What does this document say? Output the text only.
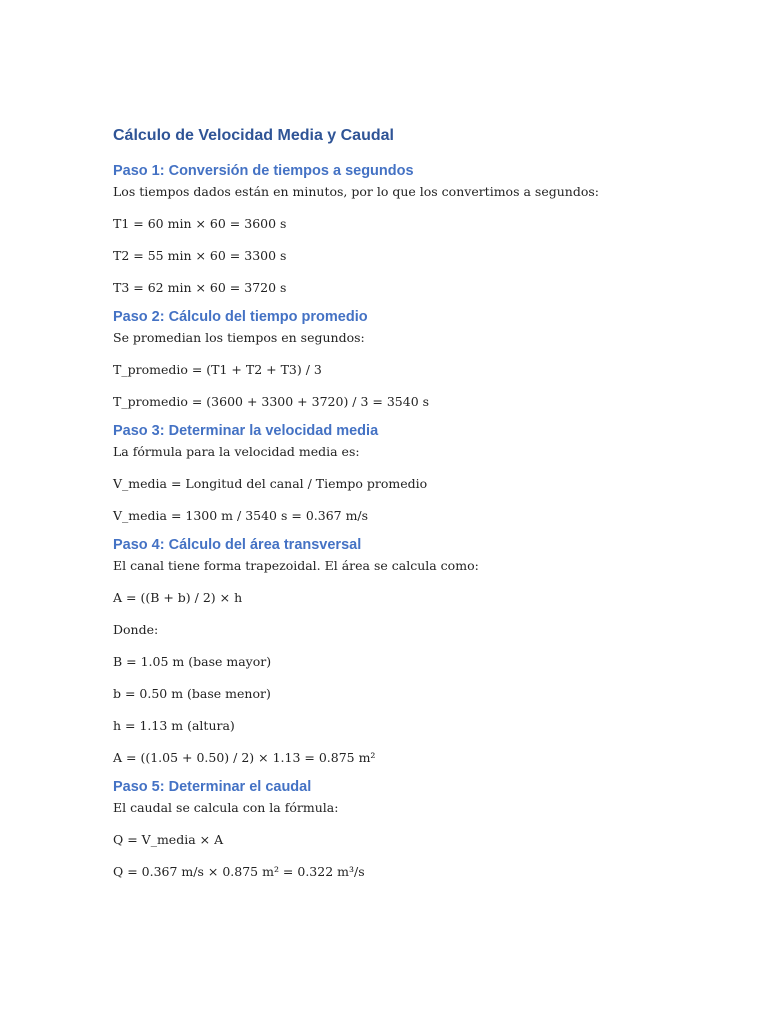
Cálculo de Velocidad Media y Caudal
Paso 1: Conversión de tiempos a segundos

Los tiempos dados están en minutos, por lo que los convertimos a segundos:

T1 = 60 min × 60 = 3600 s

T2 = 55 min × 60 = 3300 s

T3 = 62 min × 60 = 3720 s

Paso 2: Cálculo del tiempo promedio

Se promedian los tiempos en segundos:

T_promedio = (T1 + T2 + T3) / 3

T_promedio = (3600 + 3300 + 3720) / 3 = 3540 s

Paso 3: Determinar la velocidad media

La fórmula para la velocidad media es:

V_media = Longitud del canal / Tiempo promedio

V_media = 1300 m / 3540 s = 0.367 m/s

Paso 4: Cálculo del área transversal

El canal tiene forma trapezoidal. El área se calcula como:

A = ((B + b) / 2) × h

Donde:

B = 1.05 m (base mayor)

b = 0.50 m (base menor)

h = 1.13 m (altura)

A = ((1.05 + 0.50) / 2) × 1.13 = 0.875 m²

Paso 5: Determinar el caudal

El caudal se calcula con la fórmula:

Q = V_media × A

Q = 0.367 m/s × 0.875 m² = 0.322 m³/s
